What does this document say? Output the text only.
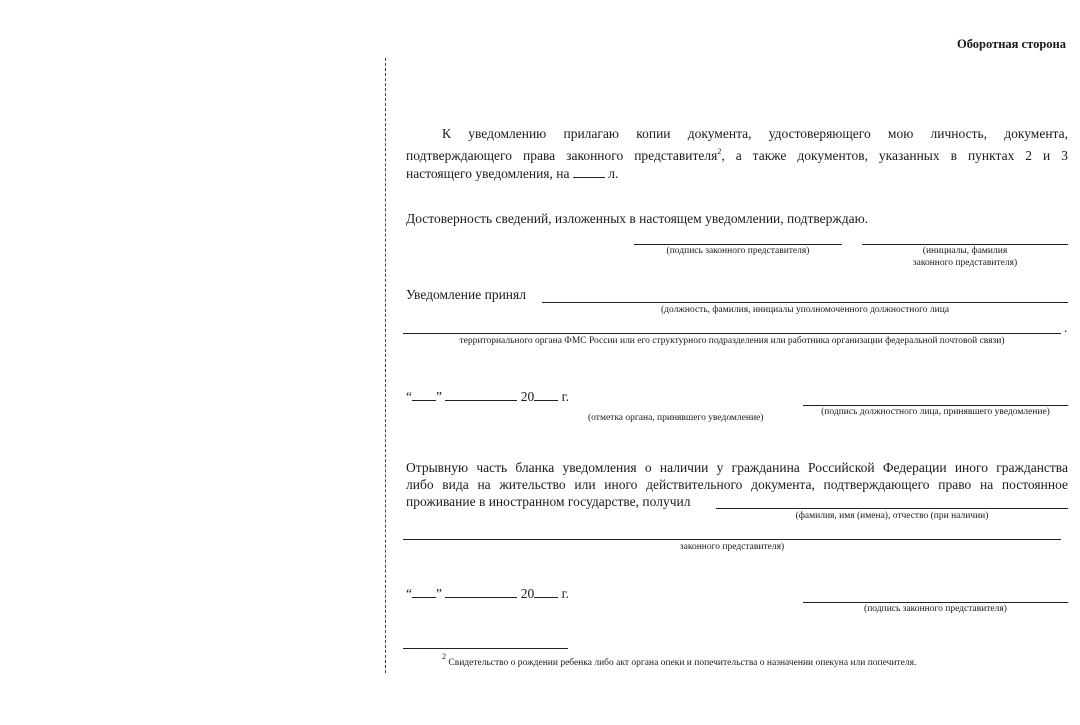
Оборотная сторона
К уведомлению прилагаю копии документа, удостоверяющего мою личность, документа,
подтверждающего права законного представителя$^2$, а также документов, указанных в пунктах 2 и 3
настоящего уведомления, на	л.
Достоверность сведений, изложенных в настоящем уведомлении, подтверждаю.
(подпись законного представителя)	(инициалы, фамилия
законного представителя)
Уведомление принял
(должность, фамилия, инициалы уполномоченного должностного лица
.
территориального органа ФМС России или его структурного подразделения или работника организации федеральной почтовой связи)
“ ”	20 г.
(отметка органа, принявшего уведомление)
(подпись должностного лица, принявшего уведомление)
Отрывную часть бланка уведомления о наличии у гражданина Российской Федерации иного гражданства
либо вида на жительство или иного действительного документа, подтверждающего право на постоянное
проживание в иностранном государстве, получил
(фамилия, имя (имена), отчество (при наличии)
законного представителя)
“ ”	20 г.
(подпись законного представителя)
$^2$ Свидетельство о рождении ребенка либо акт органа опеки и попечительства о назначении опекуна или попечителя.
